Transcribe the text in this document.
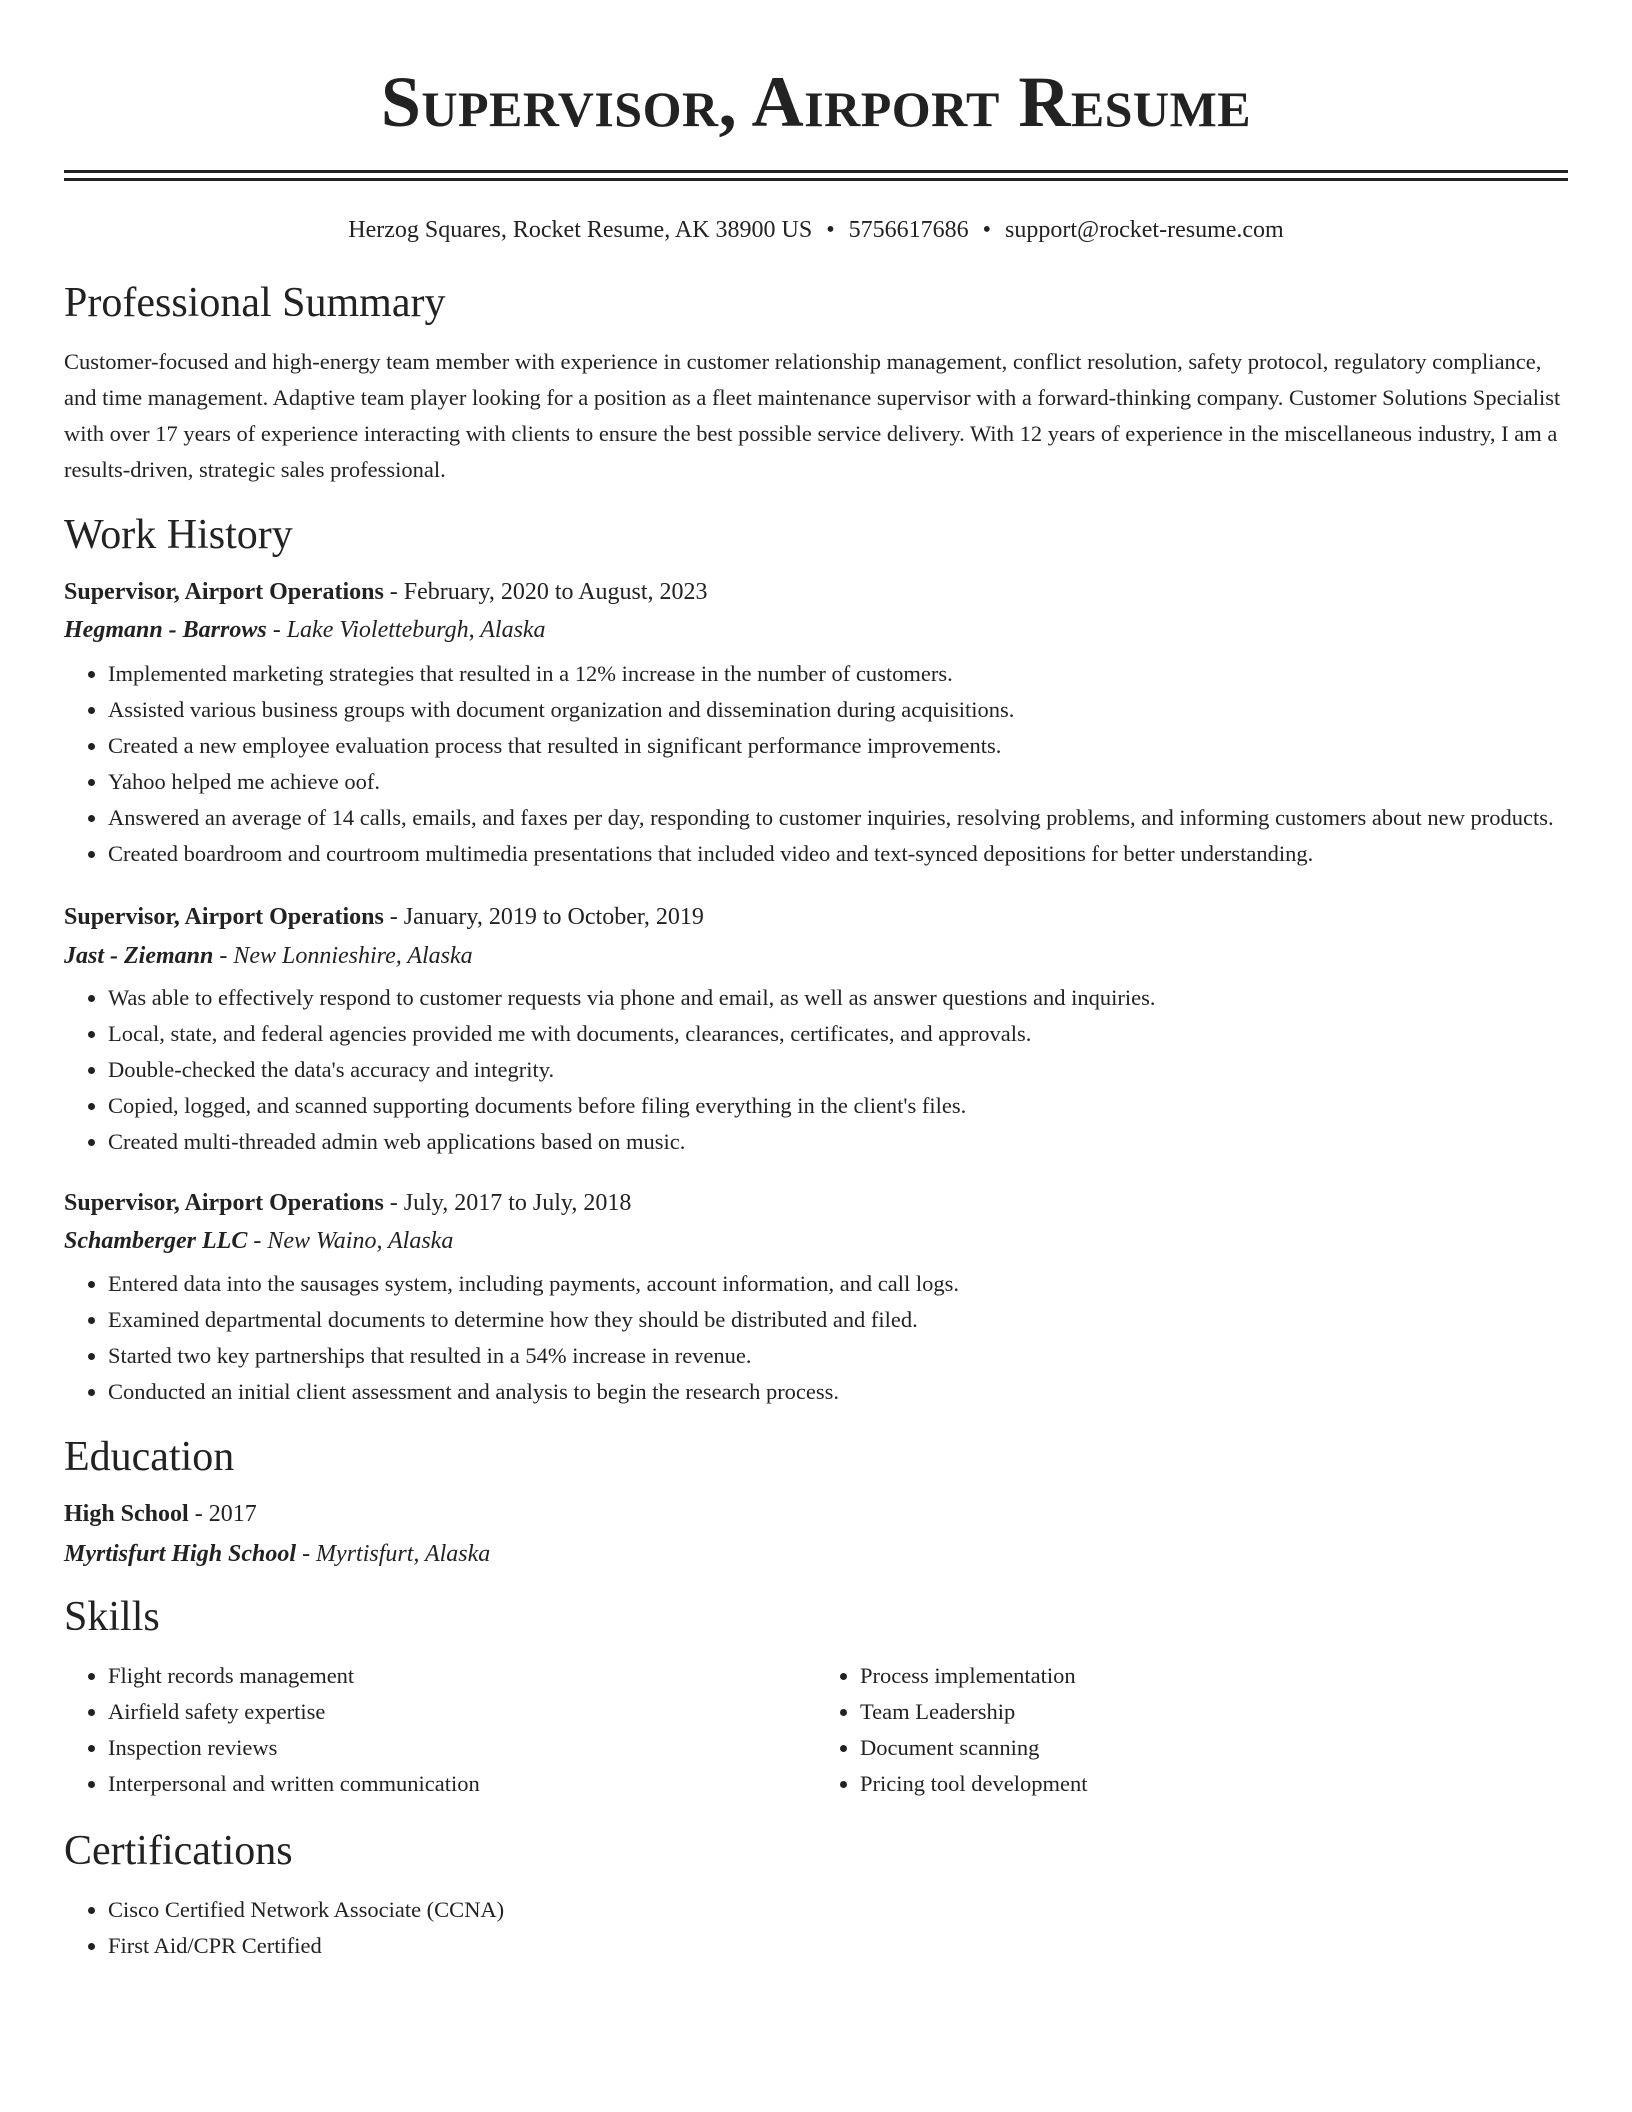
Supervisor, Airport Resume
Herzog Squares, Rocket Resume, AK 38900 US • 5756617686 • support@rocket-resume.com
Professional Summary

Customer-focused and high-energy team member with experience in customer relationship management, conflict resolution, safety protocol, regulatory compliance, and time management. Adaptive team player looking for a position as a fleet maintenance supervisor with a forward-thinking company. Customer Solutions Specialist with over 17 years of experience interacting with clients to ensure the best possible service delivery. With 12 years of experience in the miscellaneous industry, I am a results-driven, strategic sales professional.

Work History

Supervisor, Airport Operations - February, 2020 to August, 2023

Hegmann - Barrows - Lake Violetteburgh, Alaska

• Implemented marketing strategies that resulted in a 12% increase in the number of customers.
• Assisted various business groups with document organization and dissemination during acquisitions.
• Created a new employee evaluation process that resulted in significant performance improvements.
• Yahoo helped me achieve oof.
• Answered an average of 14 calls, emails, and faxes per day, responding to customer inquiries, resolving problems, and informing customers about new products.
• Created boardroom and courtroom multimedia presentations that included video and text-synced depositions for better understanding.

Supervisor, Airport Operations - January, 2019 to October, 2019

Jast - Ziemann - New Lonnieshire, Alaska

• Was able to effectively respond to customer requests via phone and email, as well as answer questions and inquiries.
• Local, state, and federal agencies provided me with documents, clearances, certificates, and approvals.
• Double-checked the data's accuracy and integrity.
• Copied, logged, and scanned supporting documents before filing everything in the client's files.
• Created multi-threaded admin web applications based on music.

Supervisor, Airport Operations - July, 2017 to July, 2018

Schamberger LLC - New Waino, Alaska

• Entered data into the sausages system, including payments, account information, and call logs.
• Examined departmental documents to determine how they should be distributed and filed.
• Started two key partnerships that resulted in a 54% increase in revenue.
• Conducted an initial client assessment and analysis to begin the research process.
Education

High School - 2017

Myrtisfurt High School - Myrtisfurt, Alaska

Skills
• Flight records management
• Airfield safety expertise
• Inspection reviews
• Interpersonal and written communication
• Process implementation
• Team Leadership
• Document scanning
• Pricing tool development
Certifications
• Cisco Certified Network Associate (CCNA)
• First Aid/CPR Certified
